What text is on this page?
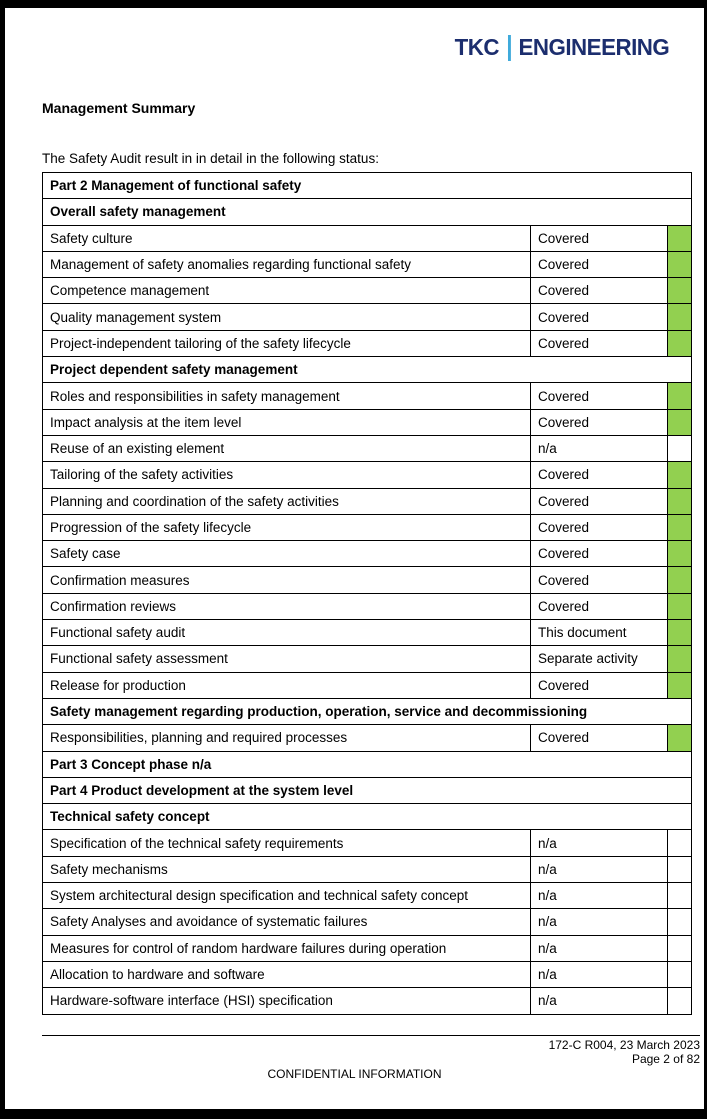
TKC ENGINEERING
Management Summary
The Safety Audit result in in detail in the following status:
Part 2 Management of functional safety		
Overall safety management		
Safety culture	Covered	
Management of safety anomalies regarding functional safety	Covered	
Competence management	Covered	
Quality management system	Covered	
Project-independent tailoring of the safety lifecycle	Covered	
Project dependent safety management		
Roles and responsibilities in safety management	Covered	
Impact analysis at the item level	Covered	
Reuse of an existing element	n/a	
Tailoring of the safety activities	Covered	
Planning and coordination of the safety activities	Covered	
Progression of the safety lifecycle	Covered	
Safety case	Covered	
Confirmation measures	Covered	
Confirmation reviews	Covered	
Functional safety audit	This document	
Functional safety assessment	Separate activity	
Release for production	Covered	
Safety management regarding production, operation, service and decommissioning		
Responsibilities, planning and required processes	Covered	
Part 3 Concept phase n/a		
Part 4 Product development at the system level		
Technical safety concept		
Specification of the technical safety requirements	n/a	
Safety mechanisms	n/a	
System architectural design specification and technical safety concept	n/a	
Safety Analyses and avoidance of systematic failures	n/a	
Measures for control of random hardware failures during operation	n/a	
Allocation to hardware and software	n/a	
Hardware-software interface (HSI) specification	n/a	
172-C R004, 23 March 2023
Page 2 of 82
CONFIDENTIAL INFORMATION
